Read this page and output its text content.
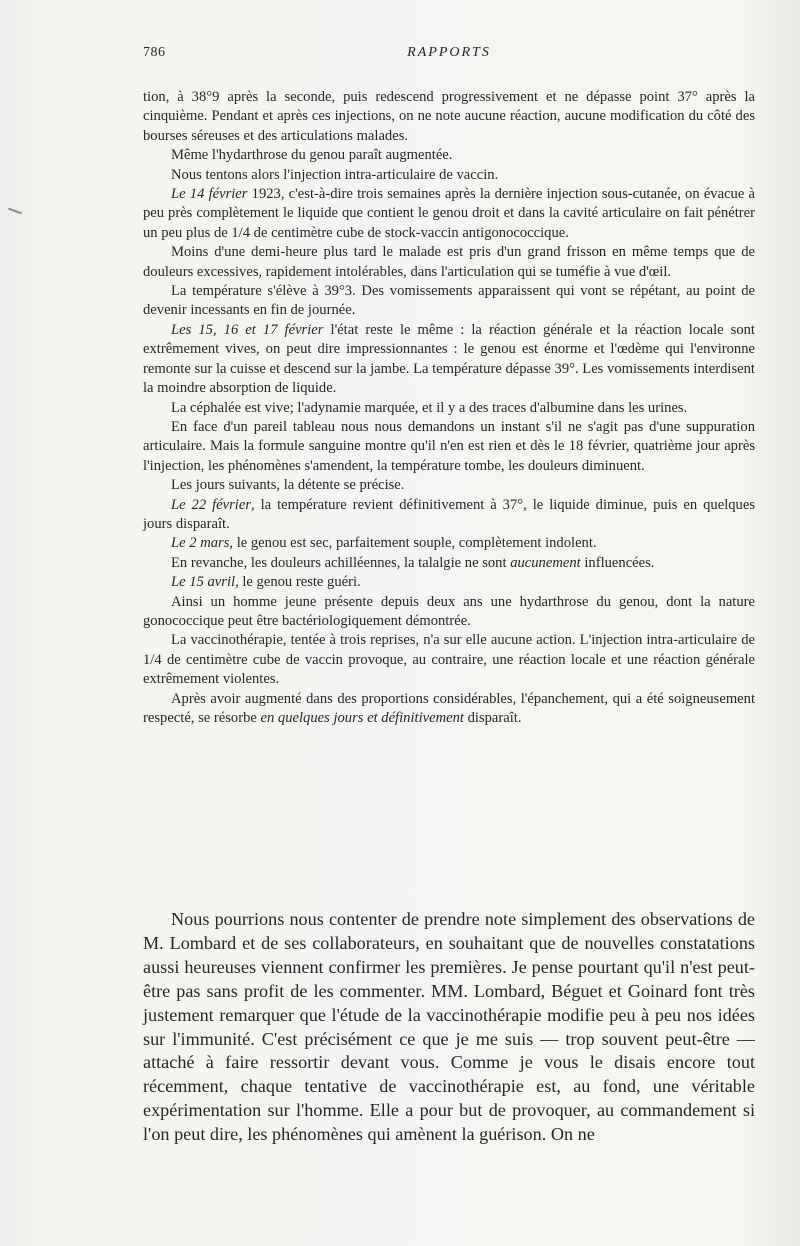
786	RAPPORTS

tion, à 38°9 après la seconde, puis redescend progressivement et ne dépasse point 37° après la cinquième. Pendant et après ces injections, on ne note aucune réaction, aucune modification du côté des bourses séreuses et des articulations malades.

Même l'hydarthrose du genou paraît augmentée.

Nous tentons alors l'injection intra-articulaire de vaccin.

Le 14 février 1923, c'est-à-dire trois semaines après la dernière injection sous-cutanée, on évacue à peu près complètement le liquide que contient le genou droit et dans la cavité articulaire on fait pénétrer un peu plus de 1/4 de centimètre cube de stock-vaccin antigonococcique.

Moins d'une demi-heure plus tard le malade est pris d'un grand frisson en même temps que de douleurs excessives, rapidement intolérables, dans l'articulation qui se tuméfie à vue d'œil.

La température s'élève à 39°3. Des vomissements apparaissent qui vont se répétant, au point de devenir incessants en fin de journée.

Les 15, 16 et 17 février l'état reste le même : la réaction générale et la réaction locale sont extrêmement vives, on peut dire impressionnantes : le genou est énorme et l'œdème qui l'environne remonte sur la cuisse et descend sur la jambe. La température dépasse 39°. Les vomissements interdisent la moindre absorption de liquide.

La céphalée est vive; l'adynamie marquée, et il y a des traces d'albumine dans les urines.

En face d'un pareil tableau nous nous demandons un instant s'il ne s'agit pas d'une suppuration articulaire. Mais la formule sanguine montre qu'il n'en est rien et dès le 18 février, quatrième jour après l'injection, les phénomènes s'amendent, la température tombe, les douleurs diminuent.

Les jours suivants, la détente se précise.

Le 22 février, la température revient définitivement à 37°, le liquide diminue, puis en quelques jours disparaît.

Le 2 mars, le genou est sec, parfaitement souple, complètement indolent.

En revanche, les douleurs achilléennes, la talalgie ne sont aucunement influencées.

Le 15 avril, le genou reste guéri.

Ainsi un homme jeune présente depuis deux ans une hydarthrose du genou, dont la nature gonococcique peut être bactériologiquement démontrée.

La vaccinothérapie, tentée à trois reprises, n'a sur elle aucune action. L'injection intra-articulaire de 1/4 de centimètre cube de vaccin provoque, au contraire, une réaction locale et une réaction générale extrêmement violentes.

Après avoir augmenté dans des proportions considérables, l'épanchement, qui a été soigneusement respecté, se résorbe en quelques jours et définitivement disparaît.

Nous pourrions nous contenter de prendre note simplement des observations de M. Lombard et de ses collaborateurs, en souhaitant que de nouvelles constatations aussi heureuses viennent confirmer les premières. Je pense pourtant qu'il n'est peut-être pas sans profit de les commenter. MM. Lombard, Béguet et Goinard font très justement remarquer que l'étude de la vaccinothérapie modifie peu à peu nos idées sur l'immunité. C'est précisément ce que je me suis — trop souvent peut-être — attaché à faire ressortir devant vous. Comme je vous le disais encore tout récemment, chaque tentative de vaccinothérapie est, au fond, une véritable expérimentation sur l'homme. Elle a pour but de provoquer, au commandement si l'on peut dire, les phénomènes qui amènent la guérison. On ne
